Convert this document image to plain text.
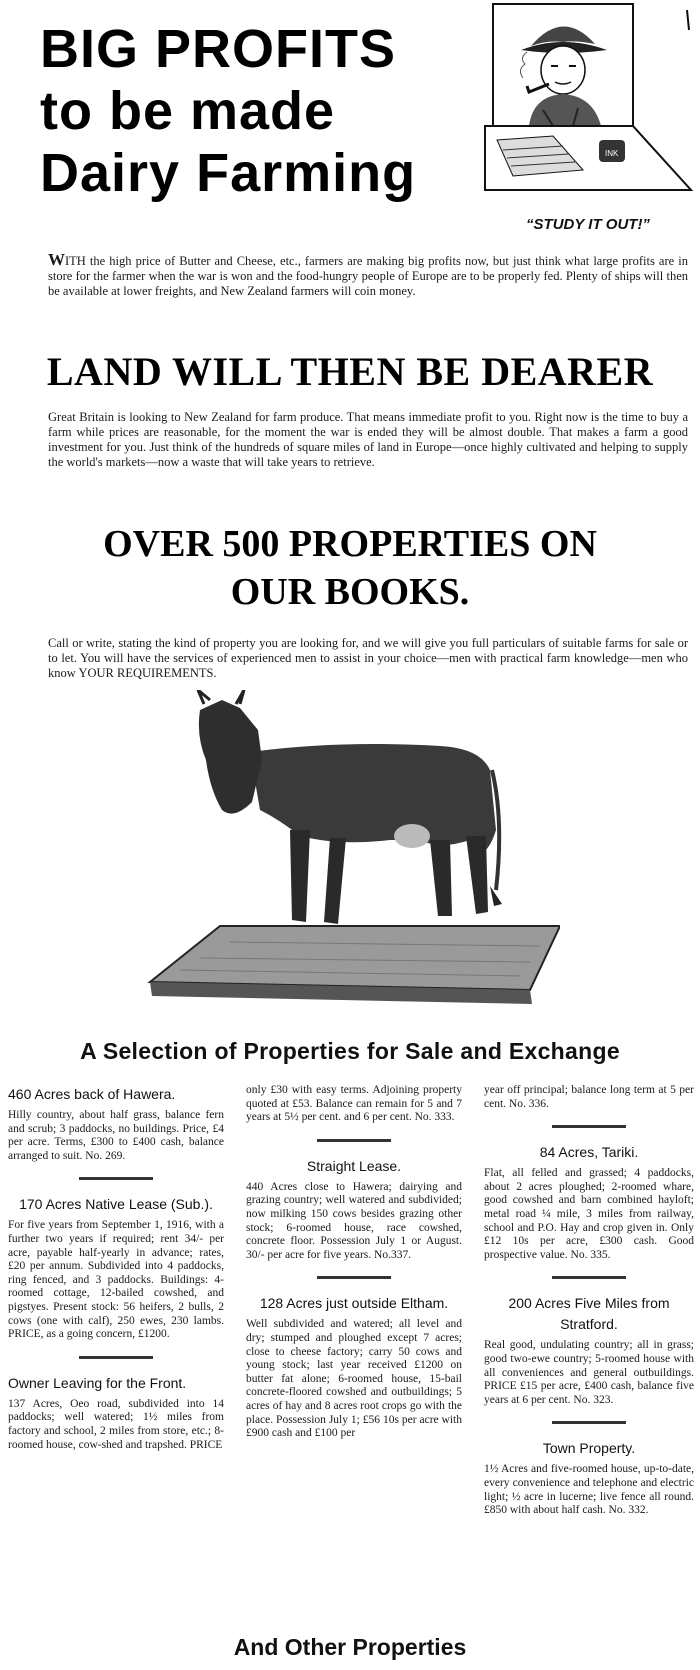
BIG PROFITS
to be made
Dairy Farming	INK
“STUDY IT OUT!”
WITH the high price of Butter and Cheese, etc., farmers are making big profits now, but just think what large profits are in store for the farmer when the war is won and the food-hungry people of Europe are to be properly fed. Plenty of ships will then be available at lower freights, and New Zealand farmers will coin money.
LAND WILL THEN BE DEARER
Great Britain is looking to New Zealand for farm produce. That means immediate profit to you. Right now is the time to buy a farm while prices are reasonable, for the moment the war is ended they will be almost double. That makes a farm a good investment for you. Just think of the hundreds of square miles of land in Europe—once highly cultivated and helping to supply the world's markets—now a waste that will take years to retrieve.
OVER 500 PROPERTIES ON
OUR BOOKS.
Call or write, stating the kind of property you are looking for, and we will give you full particulars of suitable farms for sale or to let. You will have the services of experienced men to assist in your choice—men with practical farm knowledge—men who know YOUR REQUIREMENTS.
A Selection of Properties for Sale and Exchange
460 Acres back of Hawera.
Hilly country, about half grass, balance fern and scrub; 3 paddocks, no buildings. Price, £4 per acre. Terms, £300 to £400 cash, balance arranged to suit. No. 269.
170 Acres Native Lease (Sub.).
For five years from September 1, 1916, with a further two years if required; rent 34/- per acre, payable half-yearly in advance; rates, £20 per annum. Subdivided into 4 paddocks, ring fenced, and 3 paddocks. Buildings: 4-roomed cottage, 12-bailed cowshed, and pigstyes. Present stock: 56 heifers, 2 bulls, 2 cows (one with calf), 250 ewes, 230 lambs. PRICE, as a going concern, £1200.
Owner Leaving for the Front.
137 Acres, Oeo road, subdivided into 14 paddocks; well watered; 1½ miles from factory and school, 2 miles from store, etc.; 8-roomed house, cow-shed and trapshed. PRICE
only £30 with easy terms. Adjoining property quoted at £53. Balance can remain for 5 and 7 years at 5½ per cent. and 6 per cent. No. 333.
Straight Lease.
440 Acres close to Hawera; dairying and grazing country; well watered and subdivided; now milking 150 cows besides grazing other stock; 6-roomed house, race cowshed, concrete floor. Possession July 1 or August. 30/- per acre for five years. No.337.
128 Acres just outside Eltham.
Well subdivided and watered; all level and dry; stumped and ploughed except 7 acres; close to cheese factory; carry 50 cows and young stock; last year received £1200 on butter fat alone; 6-roomed house, 15-bail concrete-floored cowshed and outbuildings; 5 acres of hay and 8 acres root crops go with the place. Possession July 1; £56 10s per acre with £900 cash and £100 per
year off principal; balance long term at 5 per cent. No. 336.
84 Acres, Tariki.
Flat, all felled and grassed; 4 paddocks, about 2 acres ploughed; 2-roomed whare, good cowshed and barn combined hayloft; metal road ¼ mile, 3 miles from railway, school and P.O. Hay and crop given in. Only £12 10s per acre, £300 cash. Good prospective value. No. 335.
200 Acres Five Miles from Stratford.
Real good, undulating country; all in grass; good two-ewe country; 5-roomed house with all conveniences and general outbuildings. PRICE £15 per acre, £400 cash, balance five years at 6 per cent. No. 323.
Town Property.
1½ Acres and five-roomed house, up-to-date, every convenience and telephone and electric light; ½ acre in lucerne; live fence all round. £850 with about half cash. No. 332.
And Other Properties
